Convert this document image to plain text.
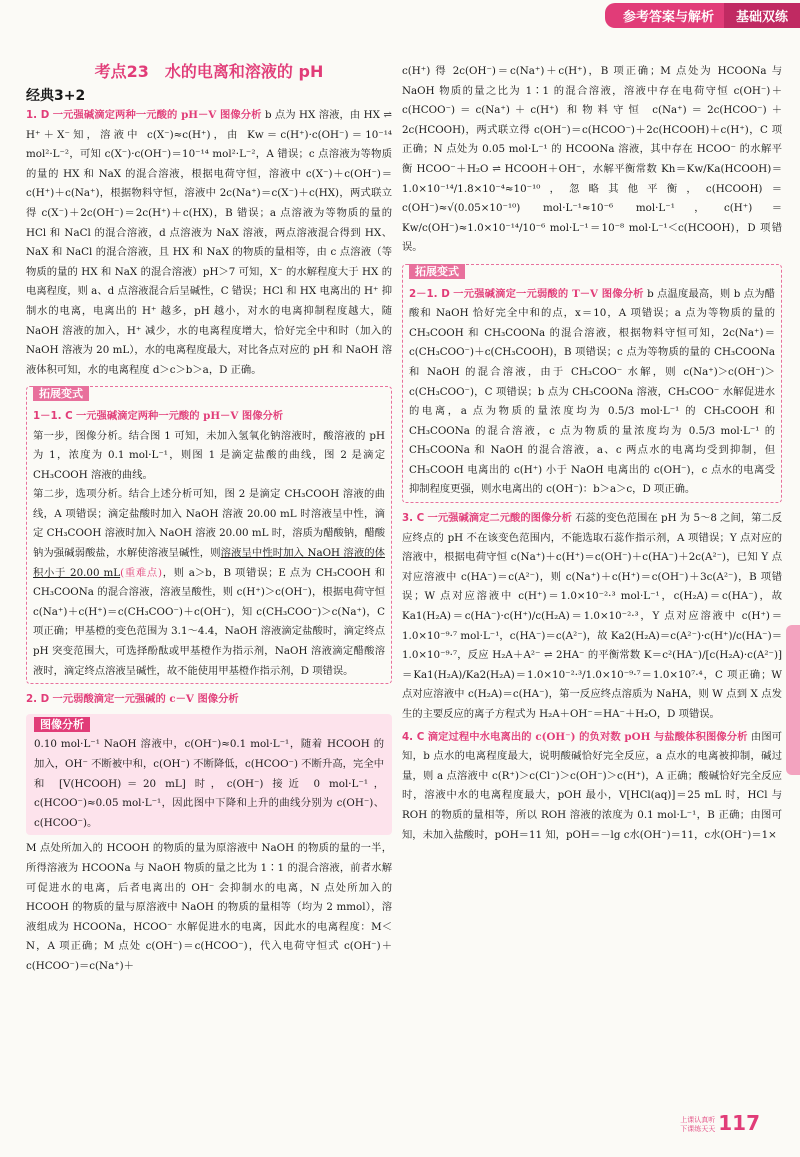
参考答案与解析	基础双练
考点23　水的电离和溶液的 pH
经典3+2

1. D 一元强碱滴定两种一元酸的 pH－V 图像分析 b 点为 HX 溶液，由 HX ⇌ H⁺＋X⁻知，溶液中 c(X⁻)≈c(H⁺)，由 Kw＝c(H⁺)·c(OH⁻)＝10⁻¹⁴ mol²·L⁻²，可知 c(X⁻)·c(OH⁻)＝10⁻¹⁴ mol²·L⁻²，A 错误；c 点溶液为等物质的量的 HX 和 NaX 的混合溶液，根据电荷守恒，溶液中 c(X⁻)＋c(OH⁻)＝c(H⁺)＋c(Na⁺)，根据物料守恒，溶液中 2c(Na⁺)＝c(X⁻)＋c(HX)，两式联立得 c(X⁻)＋2c(OH⁻)＝2c(H⁺)＋c(HX)，B 错误；a 点溶液为等物质的量的 HCl 和 NaCl 的混合溶液，d 点溶液为 NaX 溶液，两点溶液混合得到 HX、NaX 和 NaCl 的混合溶液，且 HX 和 NaX 的物质的量相等，由 c 点溶液（等物质的量的 HX 和 NaX 的混合溶液）pH＞7 可知，X⁻ 的水解程度大于 HX 的电离程度，则 a、d 点溶液混合后呈碱性，C 错误；HCl 和 HX 电离出的 H⁺ 抑制水的电离，电离出的 H⁺ 越多，pH 越小，对水的电离抑制程度越大，随 NaOH 溶液的加入，H⁺ 减少，水的电离程度增大，恰好完全中和时（加入的 NaOH 溶液为 20 mL），水的电离程度最大，对比各点对应的 pH 和 NaOH 溶液体积可知，水的电离程度 d＞c＞b＞a，D 正确。

拓展变式

1－1. C 一元强碱滴定两种一元酸的 pH－V 图像分析

第一步，图像分析。结合图 1 可知，未加入氢氧化钠溶液时，酸溶液的 pH 为 1，浓度为 0.1 mol·L⁻¹，则图 1 是滴定盐酸的曲线，图 2 是滴定 CH₃COOH 溶液的曲线。

第二步，选项分析。结合上述分析可知，图 2 是滴定 CH₃COOH 溶液的曲线，A 项错误；滴定盐酸时加入 NaOH 溶液 20.00 mL 时溶液呈中性，滴定 CH₃COOH 溶液时加入 NaOH 溶液 20.00 mL 时，溶质为醋酸钠，醋酸钠为强碱弱酸盐，水解使溶液呈碱性，则溶液呈中性时加入 NaOH 溶液的体积小于 20.00 mL(重难点)，则 a＞b，B 项错误；E 点为 CH₃COOH 和 CH₃COONa 的混合溶液，溶液呈酸性，则 c(H⁺)＞c(OH⁻)，根据电荷守恒 c(Na⁺)＋c(H⁺)＝c(CH₃COO⁻)＋c(OH⁻)，知 c(CH₃COO⁻)＞c(Na⁺)，C 项正确；甲基橙的变色范围为 3.1～4.4，NaOH 溶液滴定盐酸时，滴定终点 pH 突变范围大，可选择酚酞或甲基橙作为指示剂，NaOH 溶液滴定醋酸溶液时，滴定终点溶液呈碱性，故不能使用甲基橙作指示剂，D 项错误。

2. D 一元弱酸滴定一元强碱的 c－V 图像分析

图像分析

0.10 mol·L⁻¹ NaOH 溶液中，c(OH⁻)≈0.1 mol·L⁻¹，随着 HCOOH 的加入，OH⁻ 不断被中和，c(OH⁻) 不断降低，c(HCOO⁻) 不断升高，完全中和 [V(HCOOH)＝20 mL] 时，c(OH⁻) 接近 0 mol·L⁻¹，c(HCOO⁻)≈0.05 mol·L⁻¹，因此图中下降和上升的曲线分别为 c(OH⁻)、c(HCOO⁻)。

M 点处所加入的 HCOOH 的物质的量为原溶液中 NaOH 的物质的量的一半，所得溶液为 HCOONa 与 NaOH 物质的量之比为 1∶1 的混合溶液，前者水解可促进水的电离，后者电离出的 OH⁻ 会抑制水的电离，N 点处所加入的 HCOOH 的物质的量与原溶液中 NaOH 的物质的量相等（均为 2 mmol），溶液组成为 HCOONa，HCOO⁻ 水解促进水的电离，因此水的电离程度：M＜N，A 项正确；M 点处 c(OH⁻)＝c(HCOO⁻)，代入电荷守恒式 c(OH⁻)＋c(HCOO⁻)＝c(Na⁺)＋

c(H⁺) 得 2c(OH⁻)＝c(Na⁺)＋c(H⁺)，B 项正确；M 点处为 HCOONa 与 NaOH 物质的量之比为 1∶1 的混合溶液，溶液中存在电荷守恒 c(OH⁻)＋c(HCOO⁻)＝c(Na⁺)＋c(H⁺) 和物料守恒 c(Na⁺)＝2c(HCOO⁻)＋2c(HCOOH)，两式联立得 c(OH⁻)＝c(HCOO⁻)＋2c(HCOOH)＋c(H⁺)，C 项正确；N 点处为 0.05 mol·L⁻¹ 的 HCOONa 溶液，其中存在 HCOO⁻ 的水解平衡 HCOO⁻＋H₂O ⇌ HCOOH＋OH⁻，水解平衡常数 Kh＝Kw/Ka(HCOOH)＝1.0×10⁻¹⁴/1.8×10⁻⁴≈10⁻¹⁰，忽略其他平衡，c(HCOOH)＝c(OH⁻)≈√(0.05×10⁻¹⁰) mol·L⁻¹≈10⁻⁶ mol·L⁻¹，c(H⁺)＝Kw/c(OH⁻)≈1.0×10⁻¹⁴/10⁻⁶ mol·L⁻¹＝10⁻⁸ mol·L⁻¹＜c(HCOOH)，D 项错误。

拓展变式

2－1. D 一元强碱滴定一元弱酸的 T－V 图像分析 b 点温度最高，则 b 点为醋酸和 NaOH 恰好完全中和的点，x＝10，A 项错误；a 点为等物质的量的 CH₃COOH 和 CH₃COONa 的混合溶液，根据物料守恒可知，2c(Na⁺)＝c(CH₃COO⁻)＋c(CH₃COOH)，B 项错误；c 点为等物质的量的 CH₃COONa 和 NaOH 的混合溶液，由于 CH₃COO⁻ 水解，则 c(Na⁺)＞c(OH⁻)＞c(CH₃COO⁻)，C 项错误；b 点为 CH₃COONa 溶液，CH₃COO⁻ 水解促进水的电离，a 点为物质的量浓度均为 0.5/3 mol·L⁻¹ 的 CH₃COOH 和 CH₃COONa 的混合溶液，c 点为物质的量浓度均为 0.5/3 mol·L⁻¹ 的 CH₃COONa 和 NaOH 的混合溶液，a、c 两点水的电离均受到抑制，但 CH₃COOH 电离出的 c(H⁺) 小于 NaOH 电离出的 c(OH⁻)，c 点水的电离受抑制程度更强，则水电离出的 c(OH⁻)：b＞a＞c，D 项正确。

3. C 一元强碱滴定二元酸的图像分析 石蕊的变色范围在 pH 为 5～8 之间，第二反应终点的 pH 不在该变色范围内，不能选取石蕊作指示剂，A 项错误；Y 点对应的溶液中，根据电荷守恒 c(Na⁺)＋c(H⁺)＝c(OH⁻)＋c(HA⁻)＋2c(A²⁻)，已知 Y 点对应溶液中 c(HA⁻)＝c(A²⁻)，则 c(Na⁺)＋c(H⁺)＝c(OH⁻)＋3c(A²⁻)，B 项错误；W 点对应溶液中 c(H⁺)＝1.0×10⁻²·³ mol·L⁻¹，c(H₂A)＝c(HA⁻)，故 Ka1(H₂A)＝c(HA⁻)·c(H⁺)/c(H₂A)＝1.0×10⁻²·³，Y 点对应溶液中 c(H⁺)＝1.0×10⁻⁹·⁷ mol·L⁻¹，c(HA⁻)＝c(A²⁻)，故 Ka2(H₂A)＝c(A²⁻)·c(H⁺)/c(HA⁻)＝1.0×10⁻⁹·⁷，反应 H₂A＋A²⁻ ⇌ 2HA⁻ 的平衡常数 K＝c²(HA⁻)/[c(H₂A)·c(A²⁻)]＝Ka1(H₂A)/Ka2(H₂A)＝1.0×10⁻²·³/1.0×10⁻⁹·⁷＝1.0×10⁷·⁴，C 项正确；W 点对应溶液中 c(H₂A)＝c(HA⁻)，第一反应终点溶质为 NaHA，则 W 点到 X 点发生的主要反应的离子方程式为 H₂A＋OH⁻＝HA⁻＋H₂O，D 项错误。

4. C 滴定过程中水电离出的 c(OH⁻) 的负对数 pOH 与盐酸体积图像分析 由图可知，b 点水的电离程度最大，说明酸碱恰好完全反应，a 点水的电离被抑制，碱过量，则 a 点溶液中 c(R⁺)＞c(Cl⁻)＞c(OH⁻)＞c(H⁺)，A 正确；酸碱恰好完全反应时，溶液中水的电离程度最大，pOH 最小，V[HCl(aq)]＝25 mL 时，HCl 与 ROH 的物质的量相等，所以 ROH 溶液的浓度为 0.1 mol·L⁻¹，B 正确；由图可知，未加入盐酸时，pOH＝11 知，pOH＝－lg c水(OH⁻)＝11，c水(OH⁻)＝1×

上课认真听
下课练天天 117
